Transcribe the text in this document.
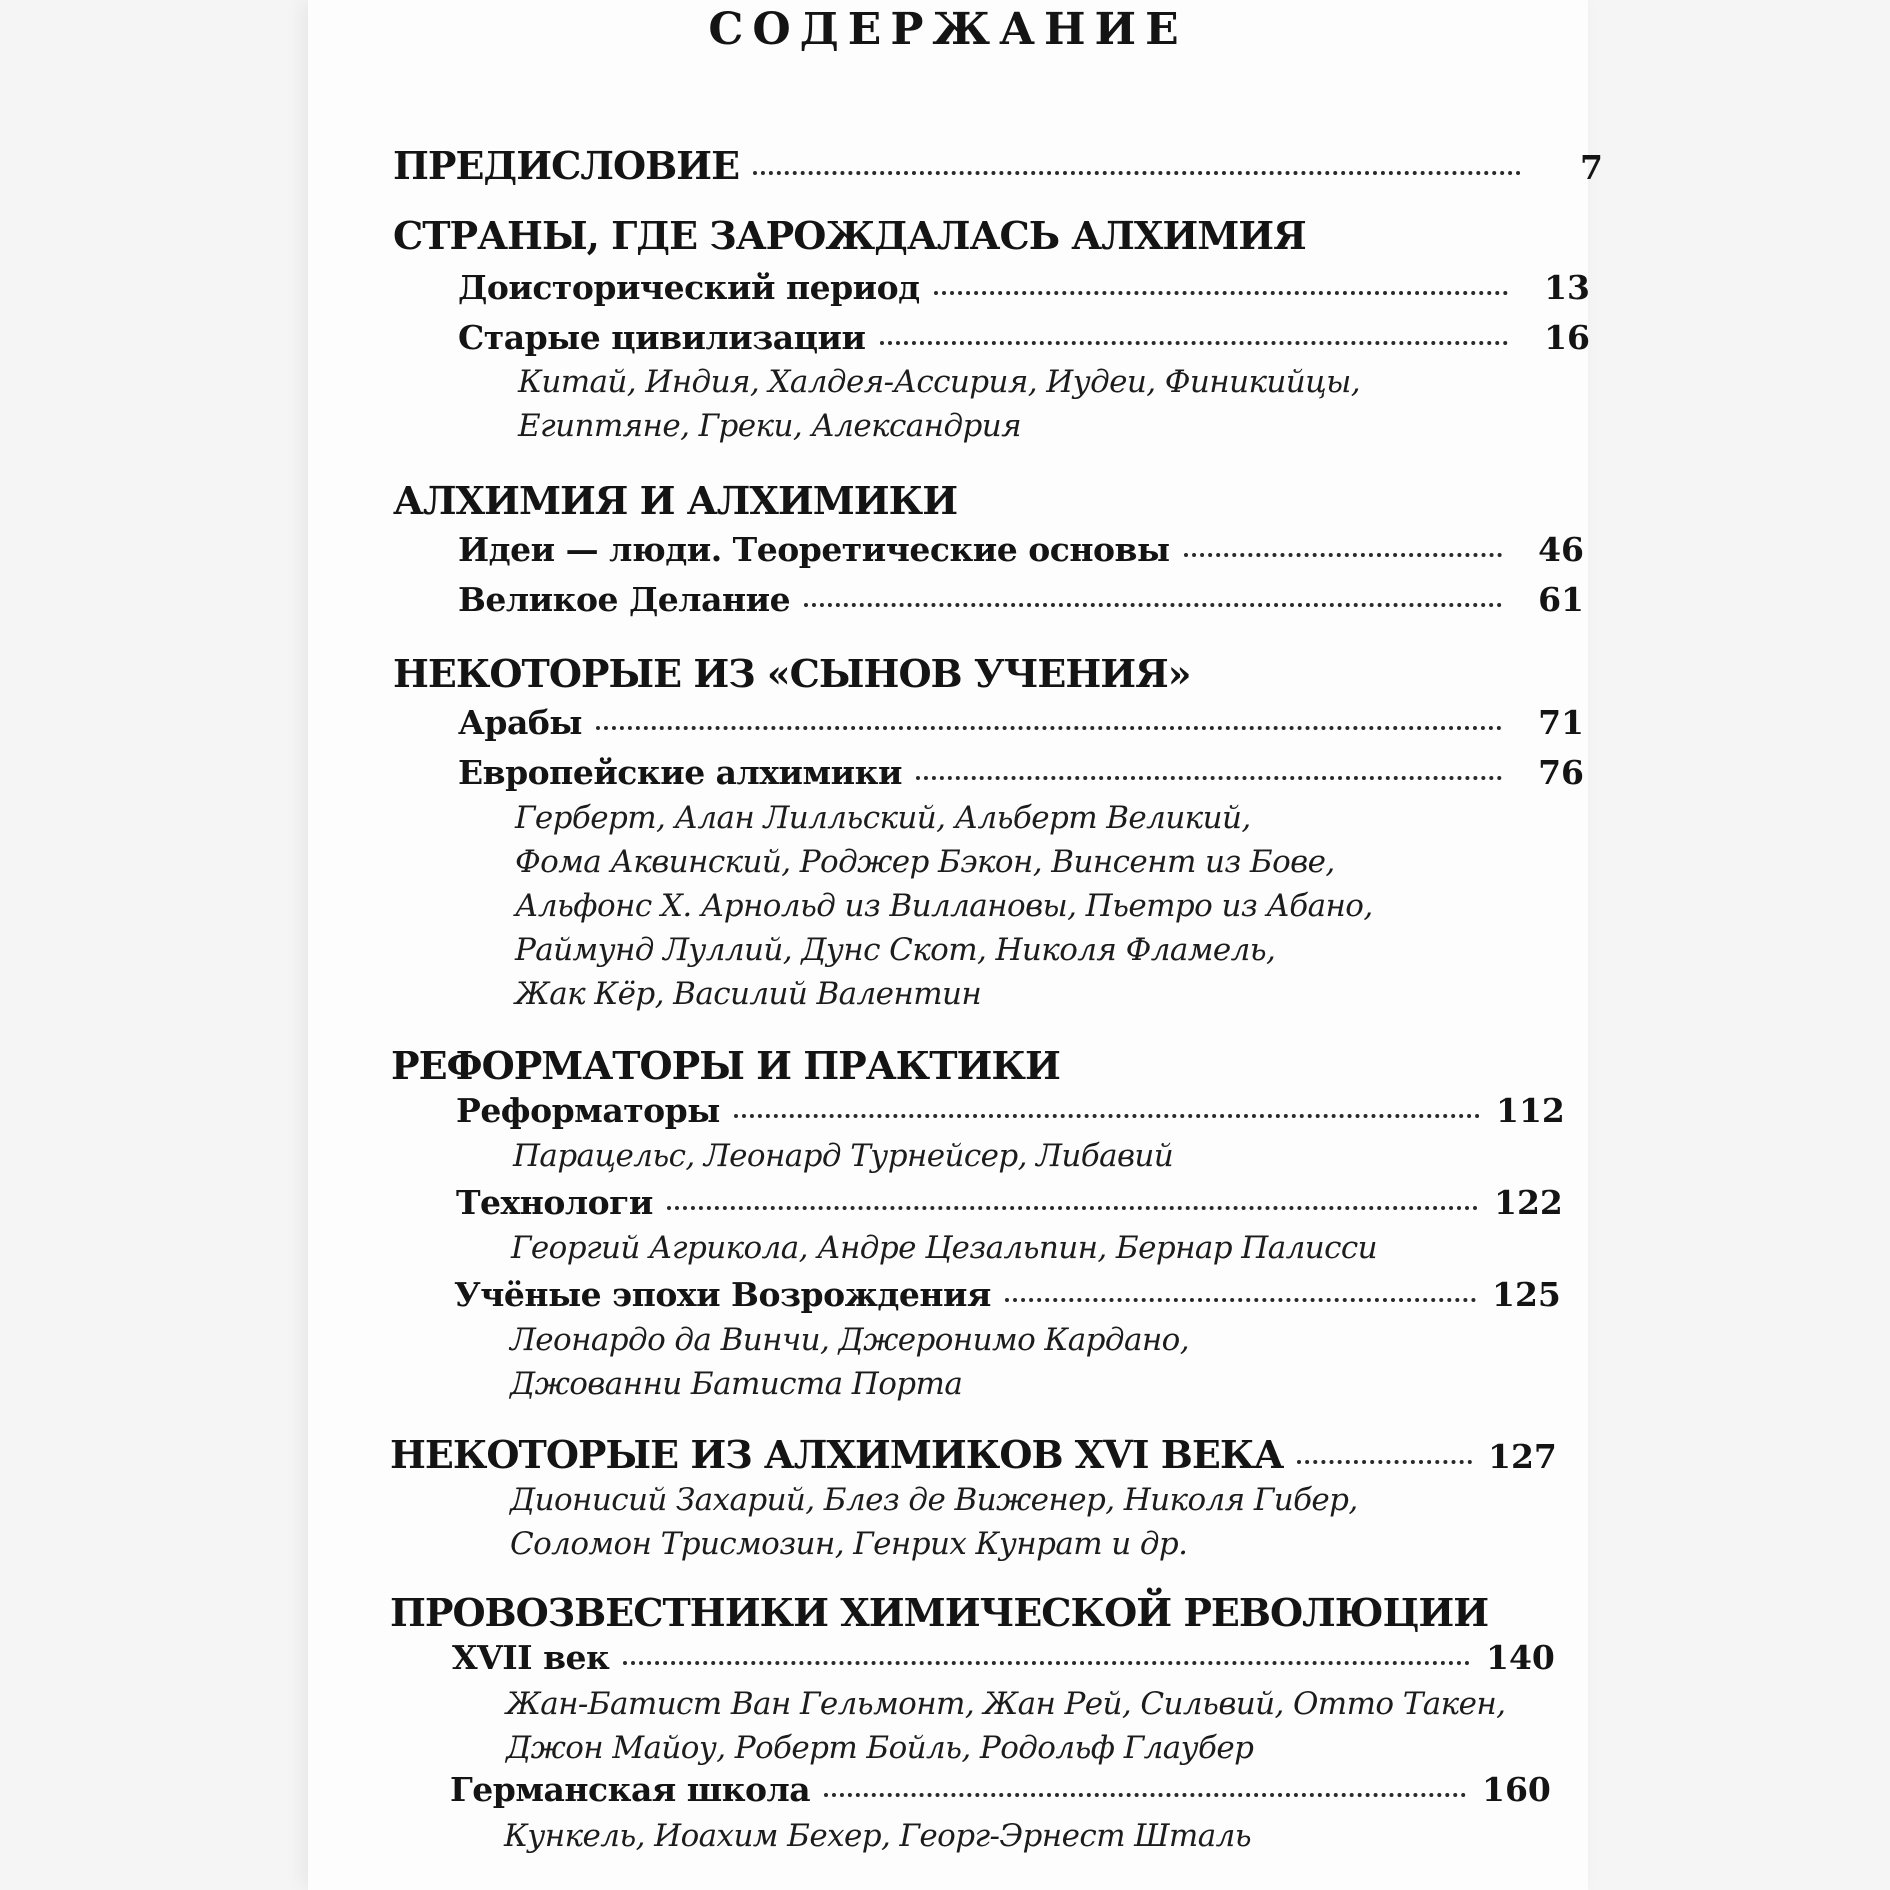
СОДЕРЖАНИЕ
ПРЕДИСЛОВИЕ	7
СТРАНЫ, ГДЕ ЗАРОЖДАЛАСЬ АЛХИМИЯ
Доисторический период	13
Старые цивилизации	16
Китай, Индия, Халдея-Ассирия, Иудеи, Финикийцы,
Египтяне, Греки, Александрия
АЛХИМИЯ И АЛХИМИКИ
Идеи — люди. Теоретические основы	46
Великое Делание	61
НЕКОТОРЫЕ ИЗ «СЫНОВ УЧЕНИЯ»
Арабы	71
Европейские алхимики	76
Герберт, Алан Лилльский, Альберт Великий,
Фома Аквинский, Роджер Бэкон, Винсент из Бове,
Альфонс X. Арнольд из Виллановы, Пьетро из Абано,
Раймунд Луллий, Дунс Скот, Николя Фламель,
Жак Кёр, Василий Валентин
РЕФОРМАТОРЫ И ПРАКТИКИ
Реформаторы	112
Парацельс, Леонард Турнейсер, Либавий
Технологи	122
Георгий Агрикола, Андре Цезальпин, Бернар Палисси
Учёные эпохи Возрождения	125
Леонардо да Винчи, Джеронимо Кардано,
Джованни Батиста Порта
НЕКОТОРЫЕ ИЗ АЛХИМИКОВ XVI ВЕКА	127
Дионисий Захарий, Блез де Виженер, Николя Гибер,
Соломон Трисмозин, Генрих Кунрат и др.
ПРОВОЗВЕСТНИКИ ХИМИЧЕСКОЙ РЕВОЛЮЦИИ
XVII век	140
Жан-Батист Ван Гельмонт, Жан Рей, Сильвий, Отто Такен,
Джон Майоу, Роберт Бойль, Родольф Глаубер
Германская школа	160
Кункель, Иоахим Бехер, Георг-Эрнест Шталь
